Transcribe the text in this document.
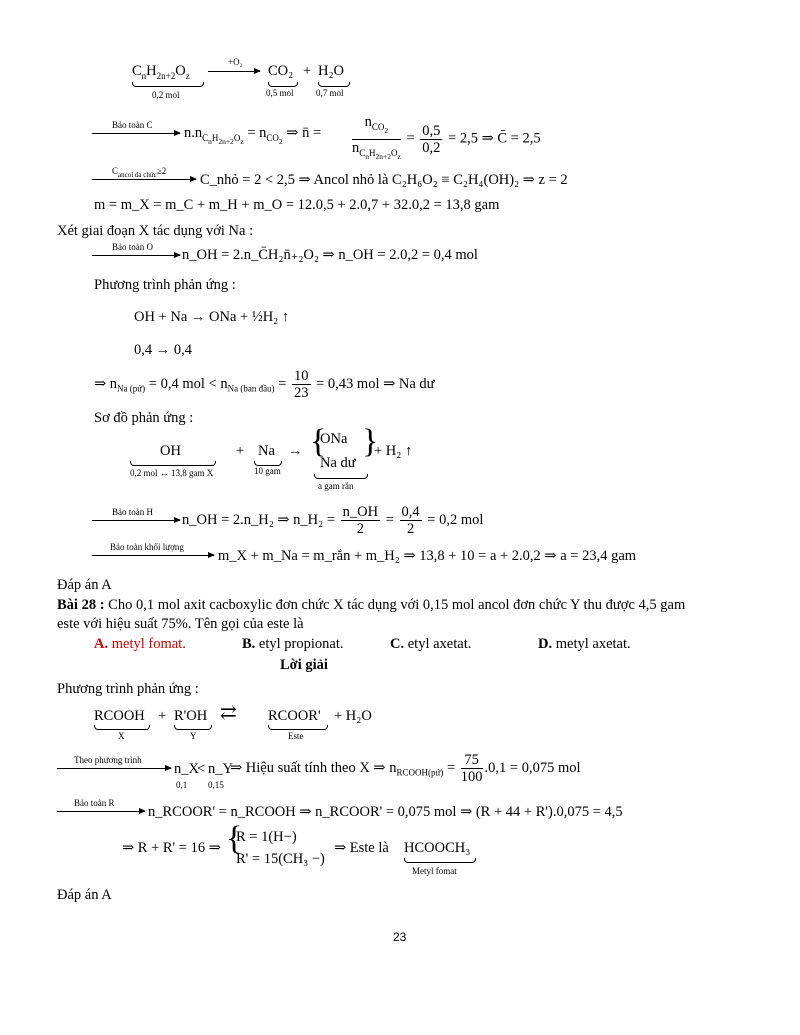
$C_nH_{2n+2}O_z$
0,2 mol
+O₂
→ CO₂
0,5 mol
+ H₂O
0,7 mol
Bảo toàn C $n.n_{C_nH_{2n+2}O_z} = n_{CO_2}$ ⇒ n̄ = $\frac{n_{CO_2}}{n_{C_nH_{2n+2}O_z}} = \frac{0,5}{0,2} = 2,5$ ⇒ C̄ = 2,5
$C_{ancol đa chức}\ge 2$
C_nhỏ = 2 < 2,5 ⇒ Ancol nhỏ là C₂H₆O₂ ≡ C₂H₄(OH)₂ ⇒ z = 2
m = m_X = m_C + m_H + m_O = 12.0,5 + 2.0,7 + 32.0,2 = 13,8 gam
Xét giai đoạn X tác dụng với Na :
Bảo toàn O n_OH = 2.n_C̄H₂n̄₊₂O₂ ⇒ n_OH = 2.0,2 = 0,4 mol
Phương trình phản ứng :
OH + Na → ONa + ½H₂ ↑
0,4 → 0,4
⇒ $n_{Na (pứ)} = 0,4$ mol < $n_{Na (ban đầu)} = \frac{10}{23} = 0,43$ mol ⇒ Na dư
Sơ đồ phản ứng :
OH
0,2 mol ↔ 13,8 gam X
+ Na
10 gam
→ {
ONa
Na dư
}
a gam rắn
+ H₂ ↑
Bảo toàn H n_OH = 2.n_H₂ ⇒ n_H₂ = $\frac{n\_OH}{2} = \frac{0,4}{2} = 0,2$ mol
Bảo toàn khối lượng
m_X + m_Na = m_rắn + m_H₂ ⇒ 13,8 + 10 = a + 2.0,2 ⇒ a = 23,4 gam
Đáp án A
Bài 28 : Cho 0,1 mol axit cacboxylic đơn chức X tác dụng với 0,15 mol ancol đơn chức Y thu được 4,5 gam
este với hiệu suất 75%. Tên gọi của este là
A. metyl fomat.	B. etyl propionat.	C. etyl axetat.	D. metyl axetat.
Lời giải
Phương trình phản ứng :
RCOOH
X
+ R'OH
Y
⇄ RCOOR'
Este
+ H₂O
Theo phương trình
n_X
0,1
< n_Y
0,15
⇒ Hiệu suất tính theo X ⇒ $n_{RCOOH(pứ)} = \frac{75}{100} .0,1 = 0,075$ mol
Bảo toàn R
n_RCOOR' = n_RCOOH ⇒ n_RCOOR' = 0,075 mol ⇒ (R + 44 + R').0,075 = 4,5
⇒ R + R' = 16 ⇒ {
R = 1(H−)
R' = 15(CH₃ −)
⇒ Este là HCOOCH₃
Metyl fomat
Đáp án A
23
